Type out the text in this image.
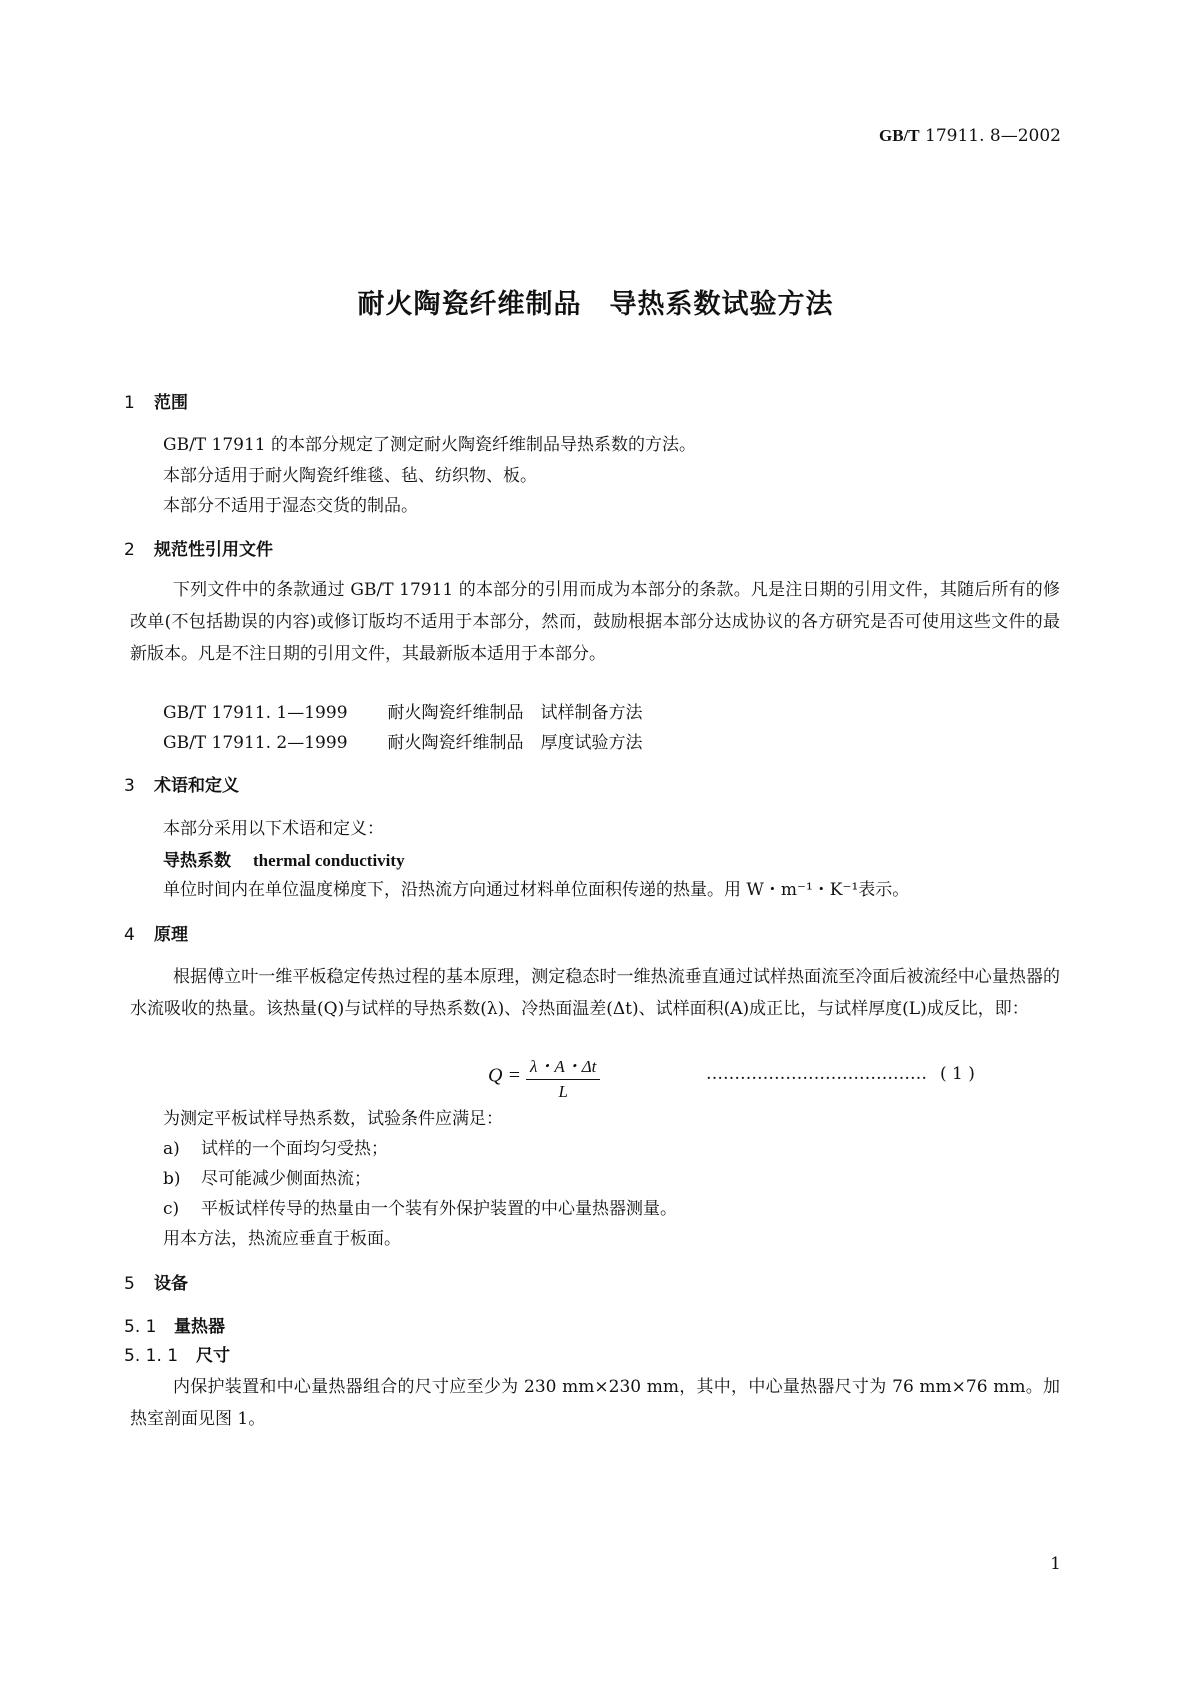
GB/T 17911. 8—2002
耐火陶瓷纤维制品　导热系数试验方法
1 范围
GB/T 17911 的本部分规定了测定耐火陶瓷纤维制品导热系数的方法。
本部分适用于耐火陶瓷纤维毯、毡、纺织物、板。
本部分不适用于湿态交货的制品。
2 规范性引用文件
下列文件中的条款通过 GB/T 17911 的本部分的引用而成为本部分的条款。凡是注日期的引用文件，其随后所有的修改单(不包括勘误的内容)或修订版均不适用于本部分，然而，鼓励根据本部分达成协议的各方研究是否可使用这些文件的最新版本。凡是不注日期的引用文件，其最新版本适用于本部分。
GB/T 17911. 1—1999 耐火陶瓷纤维制品　试样制备方法
GB/T 17911. 2—1999 耐火陶瓷纤维制品　厚度试验方法
3 术语和定义
本部分采用以下术语和定义：
导热系数 thermal conductivity
单位时间内在单位温度梯度下，沿热流方向通过材料单位面积传递的热量。用 W・m⁻¹・K⁻¹表示。
4 原理
根据傅立叶一维平板稳定传热过程的基本原理，测定稳态时一维热流垂直通过试样热面流至冷面后被流经中心量热器的水流吸收的热量。该热量(Q)与试样的导热系数(λ)、冷热面温差(Δt)、试样面积(A)成正比，与试样厚度(L)成反比，即：
$Q = \frac{\lambda・A・\Delta t}{L}$	………………………………… ( 1 )
为测定平板试样导热系数，试验条件应满足：
a) 试样的一个面均匀受热；
b) 尽可能减少侧面热流；
c) 平板试样传导的热量由一个装有外保护装置的中心量热器测量。
用本方法，热流应垂直于板面。
5 设备
5. 1 量热器
5. 1. 1 尺寸
内保护装置和中心量热器组合的尺寸应至少为 230 mm×230 mm，其中，中心量热器尺寸为 76 mm×76 mm。加热室剖面见图 1。
1
